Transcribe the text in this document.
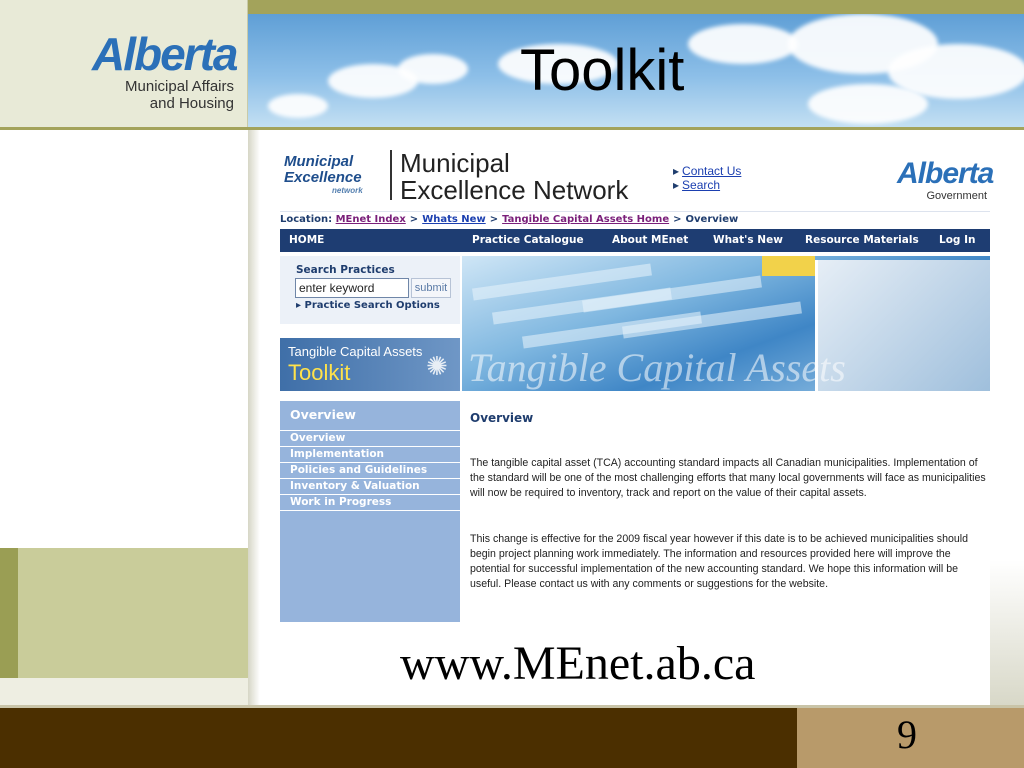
Alberta
Municipal Affairs
and Housing
Toolkit
Municipal
Excellence
network
Municipal
Excellence Network
▸ Contact Us
▸ Search	Alberta
Government
Location: MEnet Index > Whats New > Tangible Capital Assets Home > Overview
HOME	Practice Catalogue	About MEnet What's New Resource Materials Log In
Search Practices
enter keyword	submit
▸ Practice Search Options
Tangible Capital Assets
Toolkit	✺ Tangible Capital Assets
Overview
Overview
Implementation
Policies and Guidelines
Inventory & Valuation
Work in Progress
Overview

The tangible capital asset (TCA) accounting standard impacts all Canadian municipalities. Implementation of the standard will be one of the most challenging efforts that many local governments will face as municipalities will now be required to inventory, track and report on the value of their capital assets.

This change is effective for the 2009 fiscal year however if this date is to be achieved municipalities should begin project planning work immediately. The information and resources provided here will improve the potential for successful implementation of the new accounting standard. We hope this information will be useful. Please contact us with any comments or suggestions for the website.

www.MEnet.ab.ca
9
